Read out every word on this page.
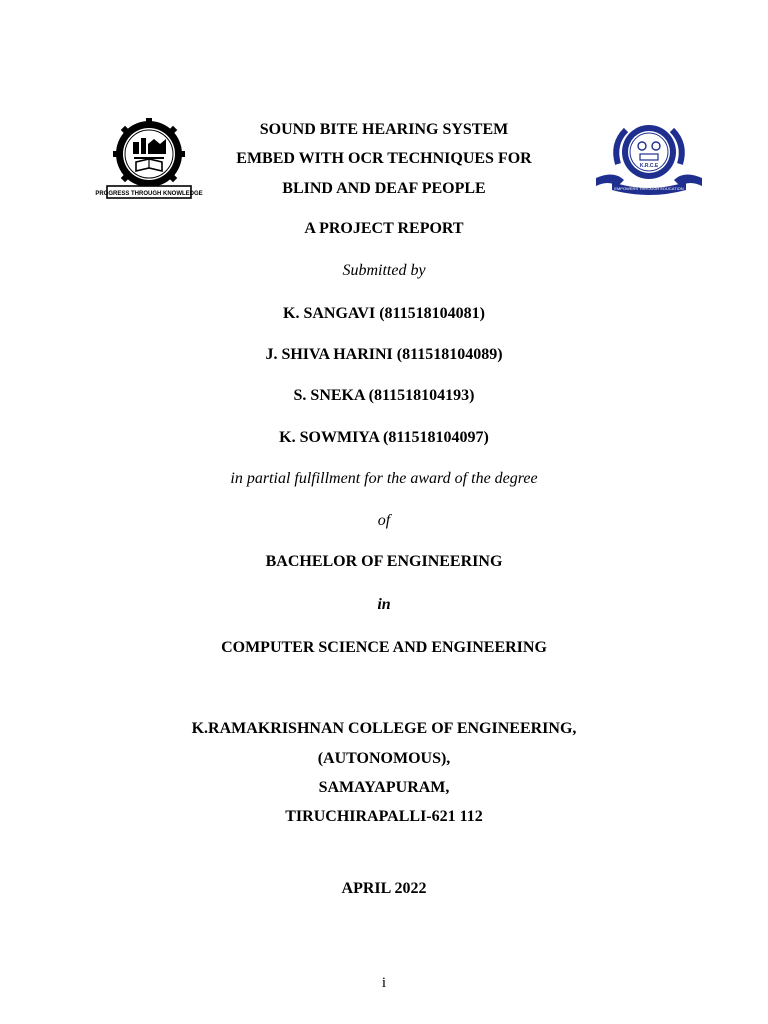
PROGRESS THROUGH KNOWLEDGE
K.R.C.E
EMPOWERS THROUGH EDUCATION
SOUND BITE HEARING SYSTEM
EMBED WITH OCR TECHNIQUES FOR
BLIND AND DEAF PEOPLE
A PROJECT REPORT
Submitted by
K. SANGAVI (811518104081)
J. SHIVA HARINI (811518104089)
S. SNEKA (811518104193)
K. SOWMIYA (811518104097)
in partial fulfillment for the award of the degree
of
BACHELOR OF ENGINEERING
in
COMPUTER SCIENCE AND ENGINEERING
K.RAMAKRISHNAN COLLEGE OF ENGINEERING,
(AUTONOMOUS),
SAMAYAPURAM,
TIRUCHIRAPALLI-621 112
APRIL 2022
i
